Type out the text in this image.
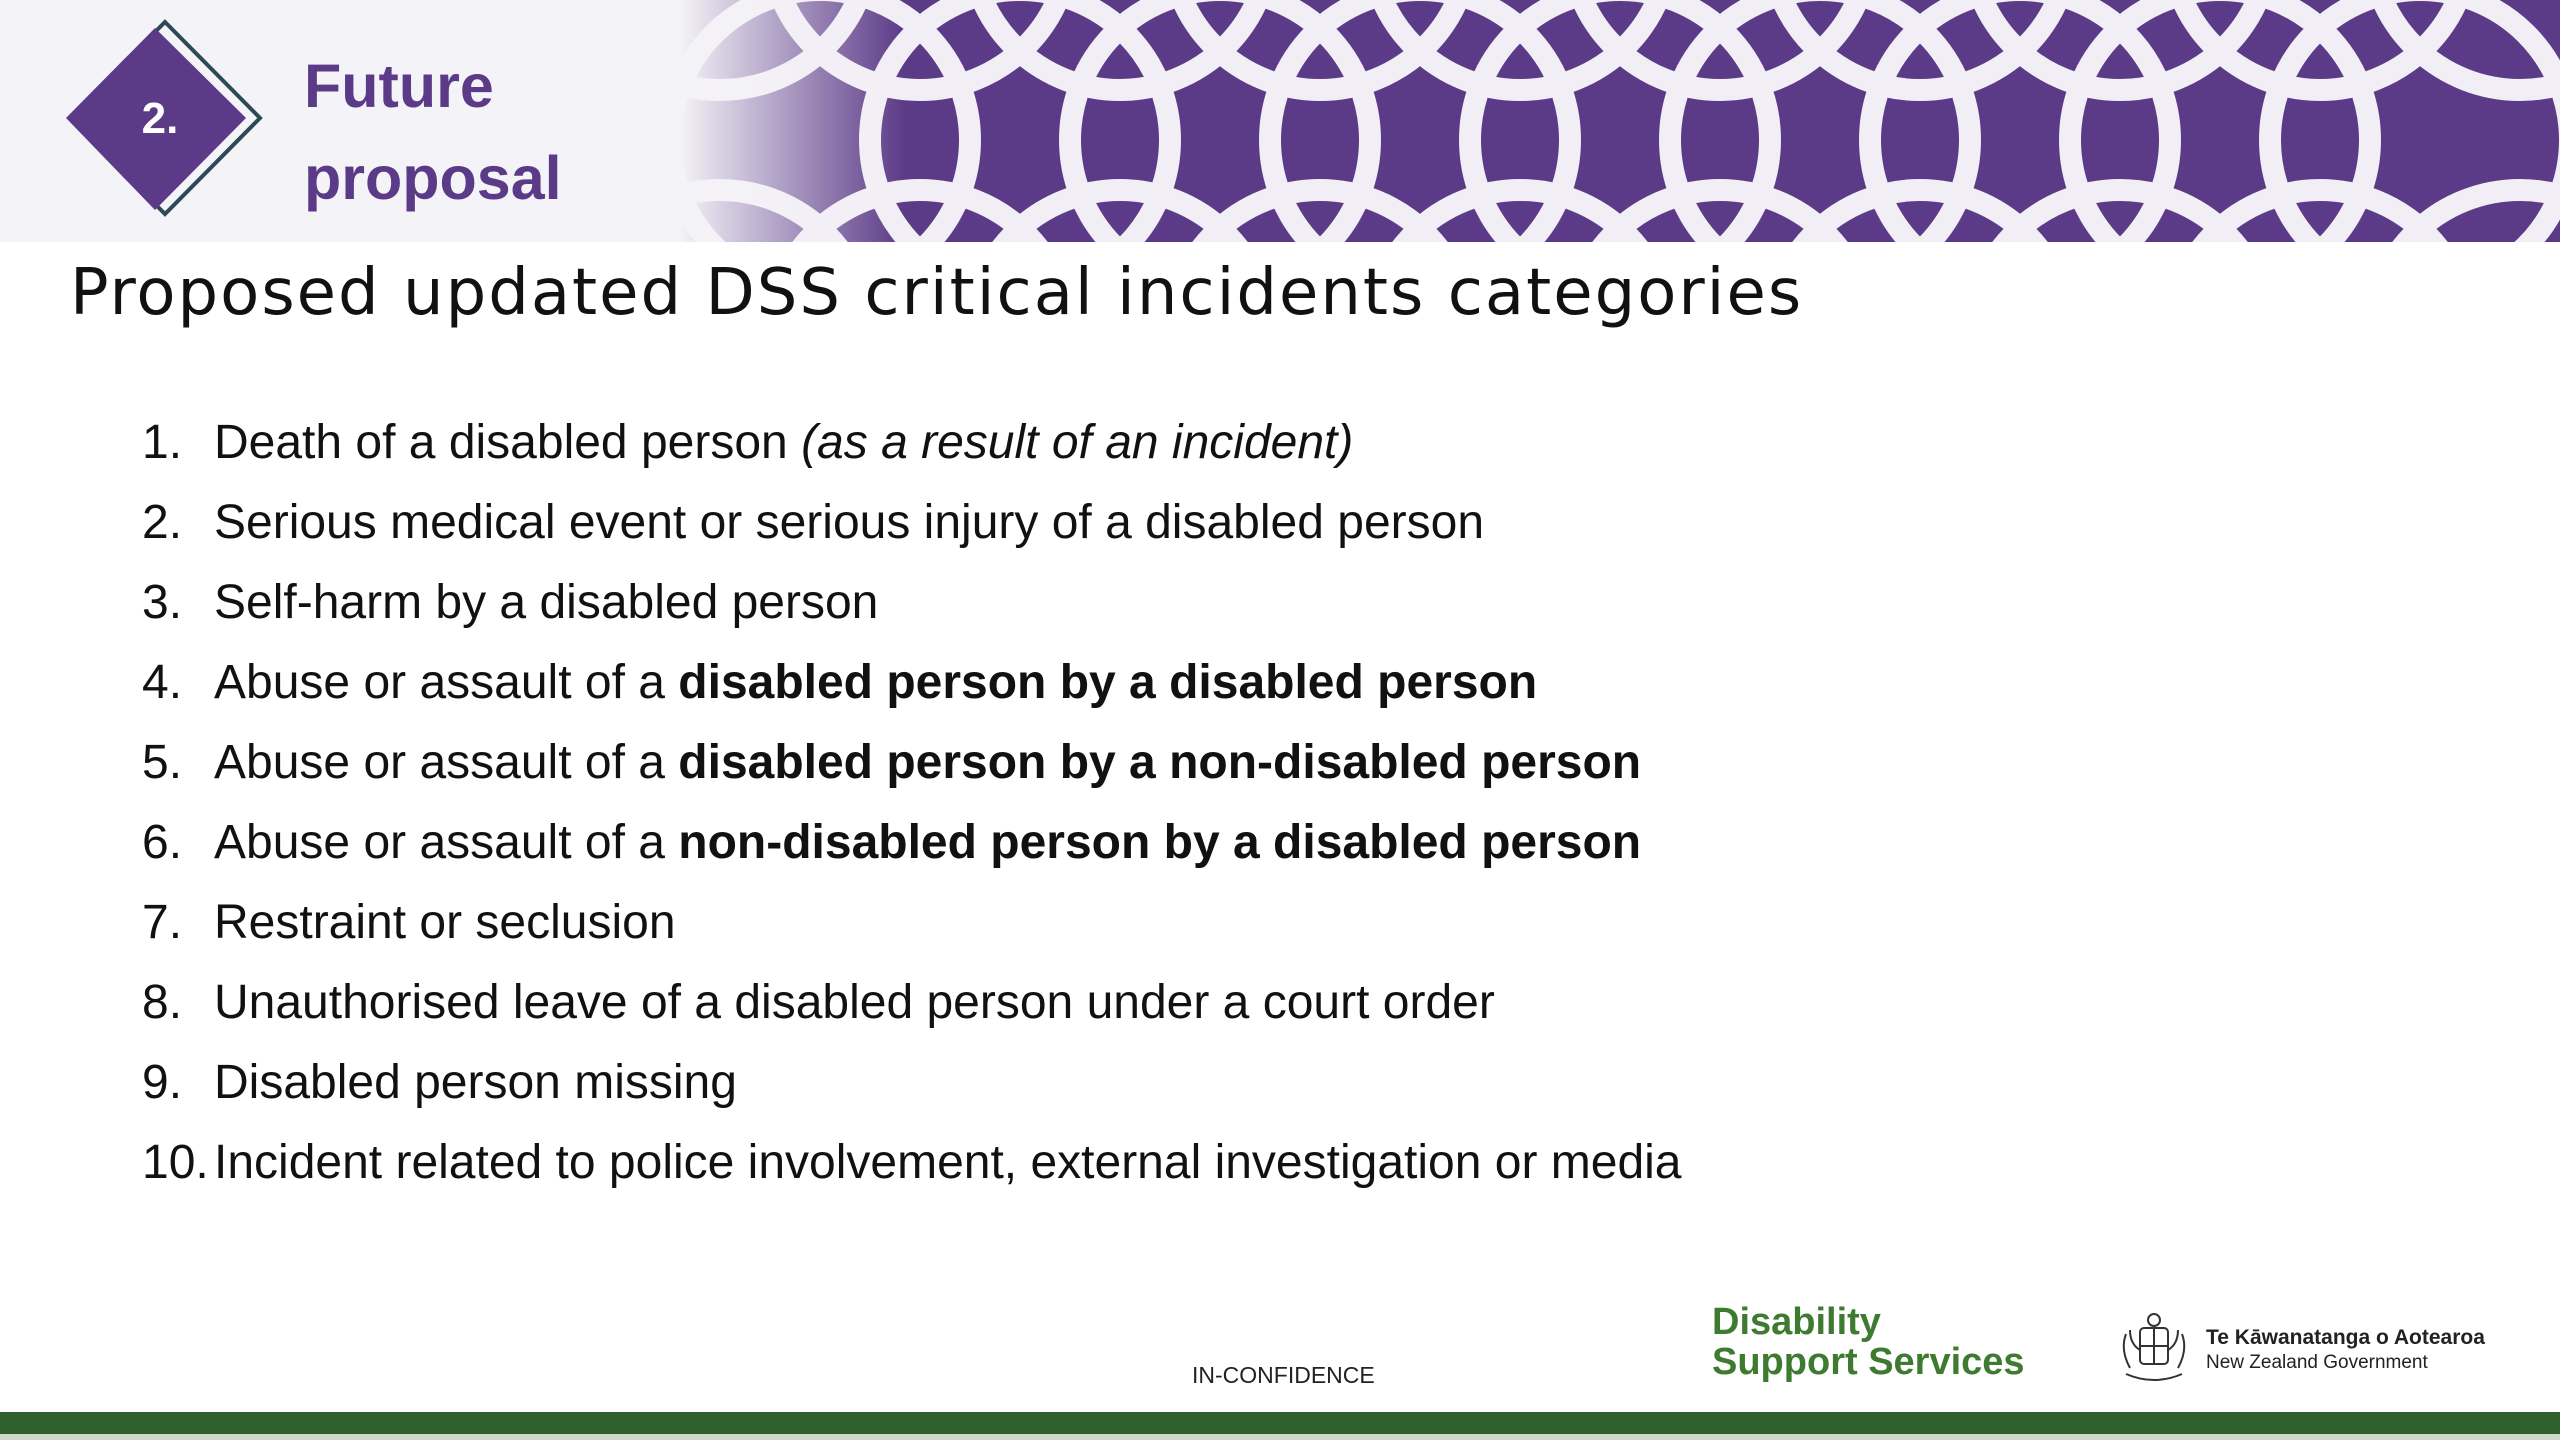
2.	Future
proposal
Proposed updated DSS critical incidents categories
1. Death of a disabled person (as a result of an incident)
2. Serious medical event or serious injury of a disabled person
3. Self-harm by a disabled person
4. Abuse or assault of a disabled person by a disabled person
5. Abuse or assault of a disabled person by a non-disabled person
6. Abuse or assault of a non-disabled person by a disabled person
7. Restraint or seclusion
8. Unauthorised leave of a disabled person under a court order
9. Disabled person missing
10. Incident related to police involvement, external investigation or media
IN-CONFIDENCE
Disability
Support Services
Te Kāwanatanga o Aotearoa
New Zealand Government
